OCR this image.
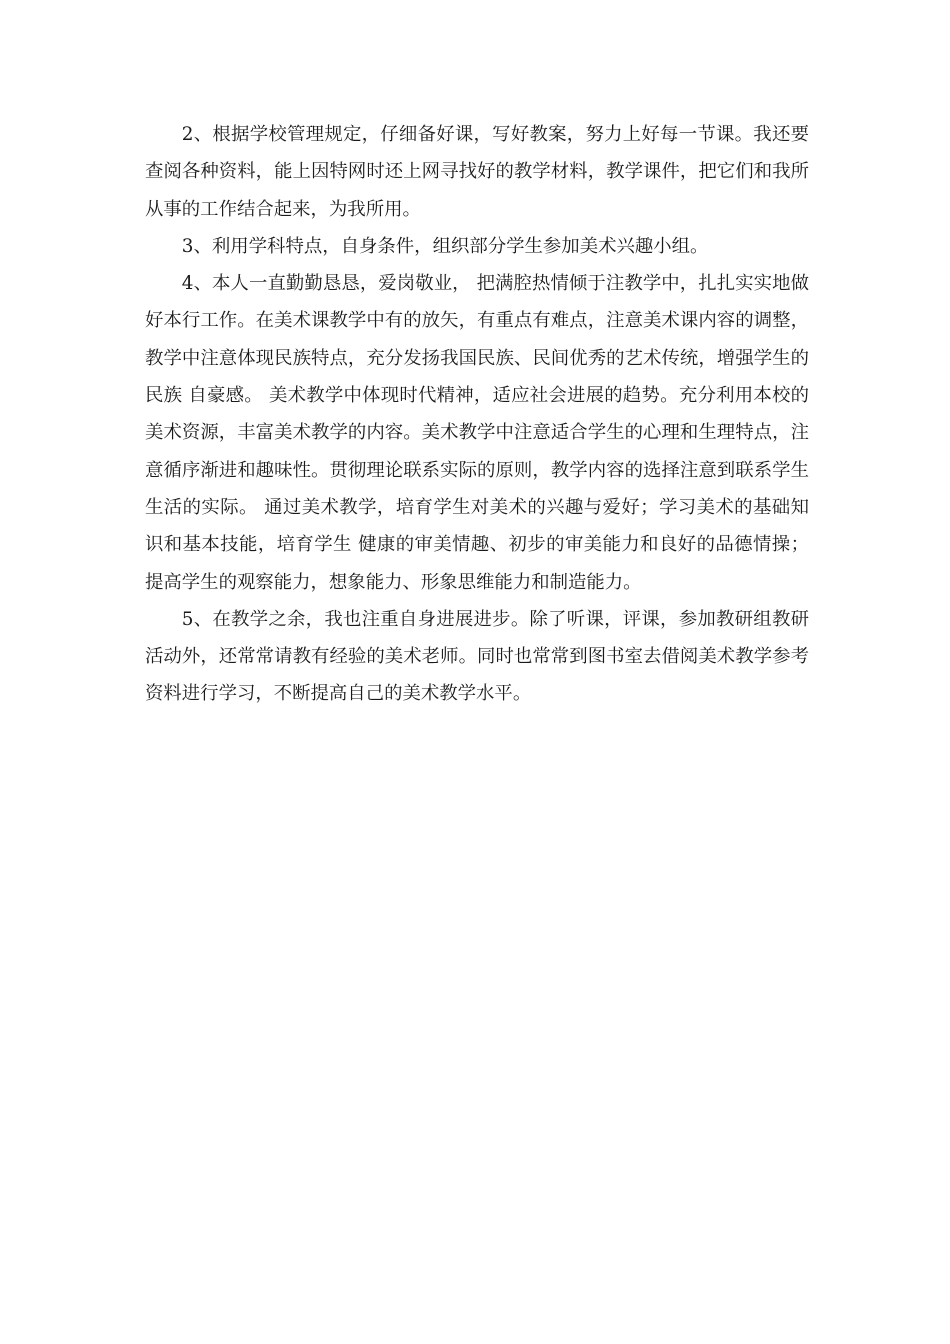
2、根据学校管理规定，仔细备好课，写好教案，努力上好每一节课。我还要查阅各种资料，能上因特网时还上网寻找好的教学材料，教学课件，把它们和我所从事的工作结合起来，为我所用。

3、利用学科特点，自身条件，组织部分学生参加美术兴趣小组。

4、本人一直勤勤恳恳，爱岗敬业， 把满腔热情倾于注教学中，扎扎实实地做好本行工作。在美术课教学中有的放矢，有重点有难点，注意美术课内容的调整，教学中注意体现民族特点，充分发扬我国民族、民间优秀的艺术传统，增强学生的 民族 自豪感。 美术教学中体现时代精神，适应社会进展的趋势。充分利用本校的美术资源，丰富美术教学的内容。美术教学中注意适合学生的心理和生理特点，注意循序渐进和趣味性。贯彻理论联系实际的原则，教学内容的选择注意到联系学生生活的实际。 通过美术教学，培育学生对美术的兴趣与爱好；学习美术的基础知识和基本技能，培育学生 健康的审美情趣、初步的审美能力和良好的品德情操；提高学生的观察能力，想象能力、形象思维能力和制造能力。

5、在教学之余，我也注重自身进展进步。除了听课，评课，参加教研组教研活动外，还常常请教有经验的美术老师。同时也常常到图书室去借阅美术教学参考资料进行学习，不断提高自己的美术教学水平。
